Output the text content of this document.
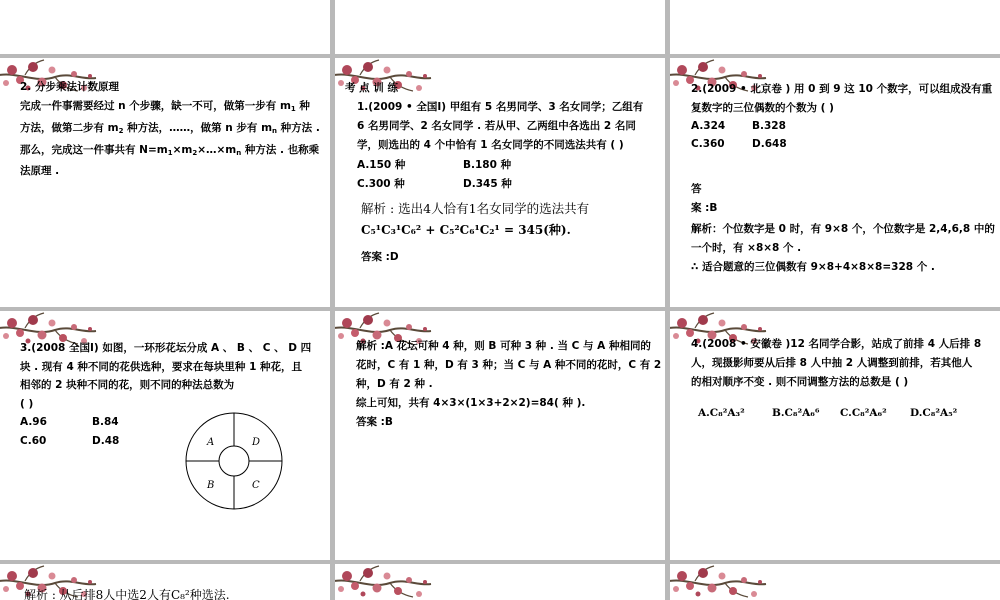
2. 分步乘法计数原理
完成一件事需要经过 n 个步骤，缺一不可，做第一步有 $m_1$ 种
方法，做第二步有 $m_2$ 种方法，……，做第 n 步有 $m_n$ 种方法 .
那么，完成这一件事共有 $N=m_1\times m_2\times\dots\times m_n$ 种方法 . 也称乘
法原理 .
考 点 训 练
1.(2009 • 全国Ⅰ) 甲组有 5 名男同学、3 名女同学；乙组有
6 名男同学、2 名女同学 . 若从甲、乙两组中各选出 2 名同
学，则选出的 4 个中恰有 1 名女同学的不同选法共有 ( )
A.150 种	B.180 种
C.300 种	D.345 种
解析 : 选出4人恰有1名女同学的选法共有
C₅¹C₃¹C₆² + C₅²C₆¹C₂¹ = 345(种).
答案 :D
2.(2009 • 北京卷 ) 用 0 到 9 这 10 个数字，可以组成没有重
复数字的三位偶数的个数为 ( )
A.324	B.328
C.360	D.648
答
案 :B
解析：个位数字是 0 时，有 9×8 个，个位数字是 2,4,6,8 中的
一个时，有 ×8×8 个 .
∴ 适合题意的三位偶数有 9×8+4×8×8=328 个 .
3.(2008 全国Ⅰ) 如图，一环形花坛分成 A 、 B 、 C 、 D 四
块 . 现有 4 种不同的花供选种，要求在每块里种 1 种花，且
相邻的 2 块种不同的花，则不同的种法总数为
( )
A.96	B.84
C.60	D.48	A	D
B	C
解析 :A 花坛可种 4 种，则 B 可种 3 种 . 当 C 与 A 种相同的
花时，C 有 1 种，D 有 3 种；当 C 与 A 种不同的花时，C 有 2
种，D 有 2 种 .
综上可知，共有 4×3×(1×3+2×2)=84( 种 ).
答案 :B
4.(2008 • 安徽卷 )12 名同学合影，站成了前排 4 人后排 8
人，现摄影师要从后排 8 人中抽 2 人调整到前排，若其他人
的相对顺序不变 . 则不同调整方法的总数是 ( )
A.C₈²A₃²	B.C₈²A₆⁶ C.C₈²A₆² D.C₈²A₅²
解析 : 从后排8人中选2人有C₈²种选法.
